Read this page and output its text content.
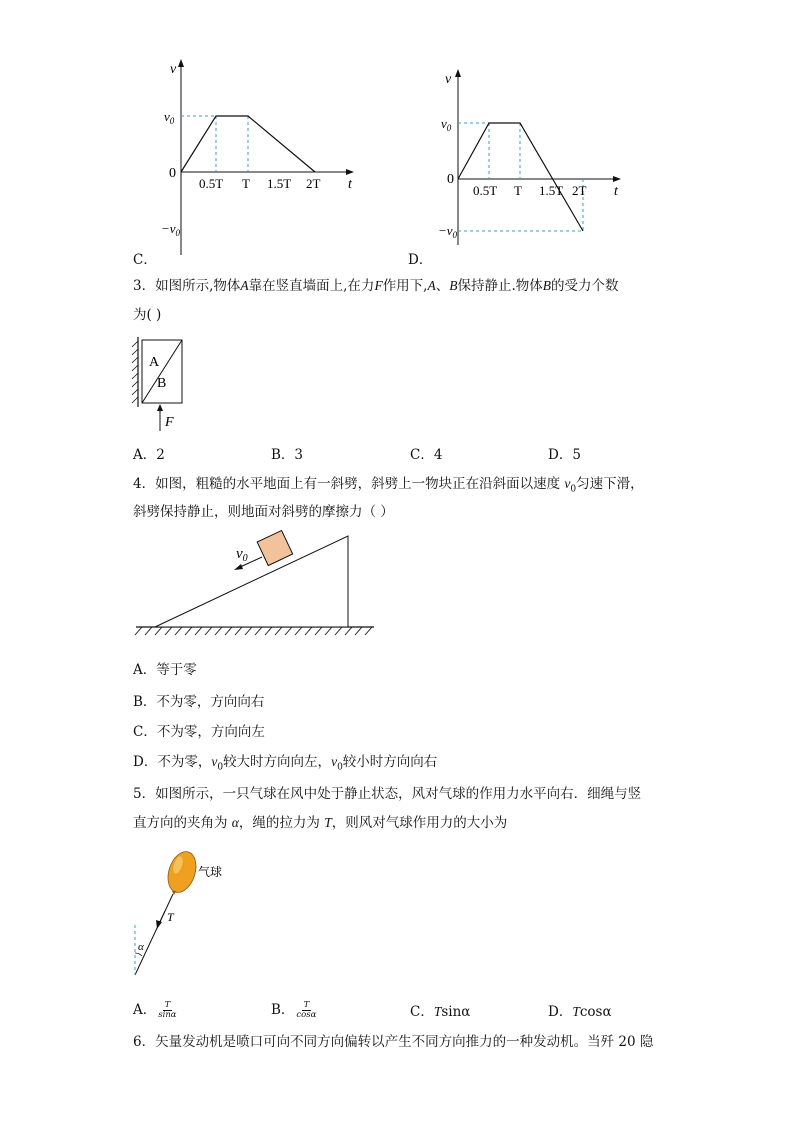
v
$v_0$
0
0.5T T 1.5T 2T t
$-v_0$
C．
v
$v_0$
0
0.5T T 1.5T 2T t
$-v_0$
D．
3．如图所示,物体A靠在竖直墙面上,在力F作用下,A、B保持静止.物体B的受力个数
为( )
A
B
F
A．2	B．3	C．4	D．5
4．如图，粗糙的水平地面上有一斜劈，斜劈上一物块正在沿斜面以速度 $v_0$匀速下滑，
斜劈保持静止，则地面对斜劈的摩擦力（ ）
$v_0$
A．等于零
B．不为零，方向向右
C．不为零，方向向左
D．不为零，$v_0$较大时方向向左，$v_0$较小时方向向右
5．如图所示，一只气球在风中处于静止状态，风对气球的作用力水平向右．细绳与竖
直方向的夹角为 α，绳的拉力为 T，则风对气球作用力的大小为
气球
T
α
A． $\frac{T}{\sin\alpha}$	B． $\frac{T}{\cos\alpha}$	C．Tsinα	D．Tcosα
6．矢量发动机是喷口可向不同方向偏转以产生不同方向推力的一种发动机。当歼 20 隐
